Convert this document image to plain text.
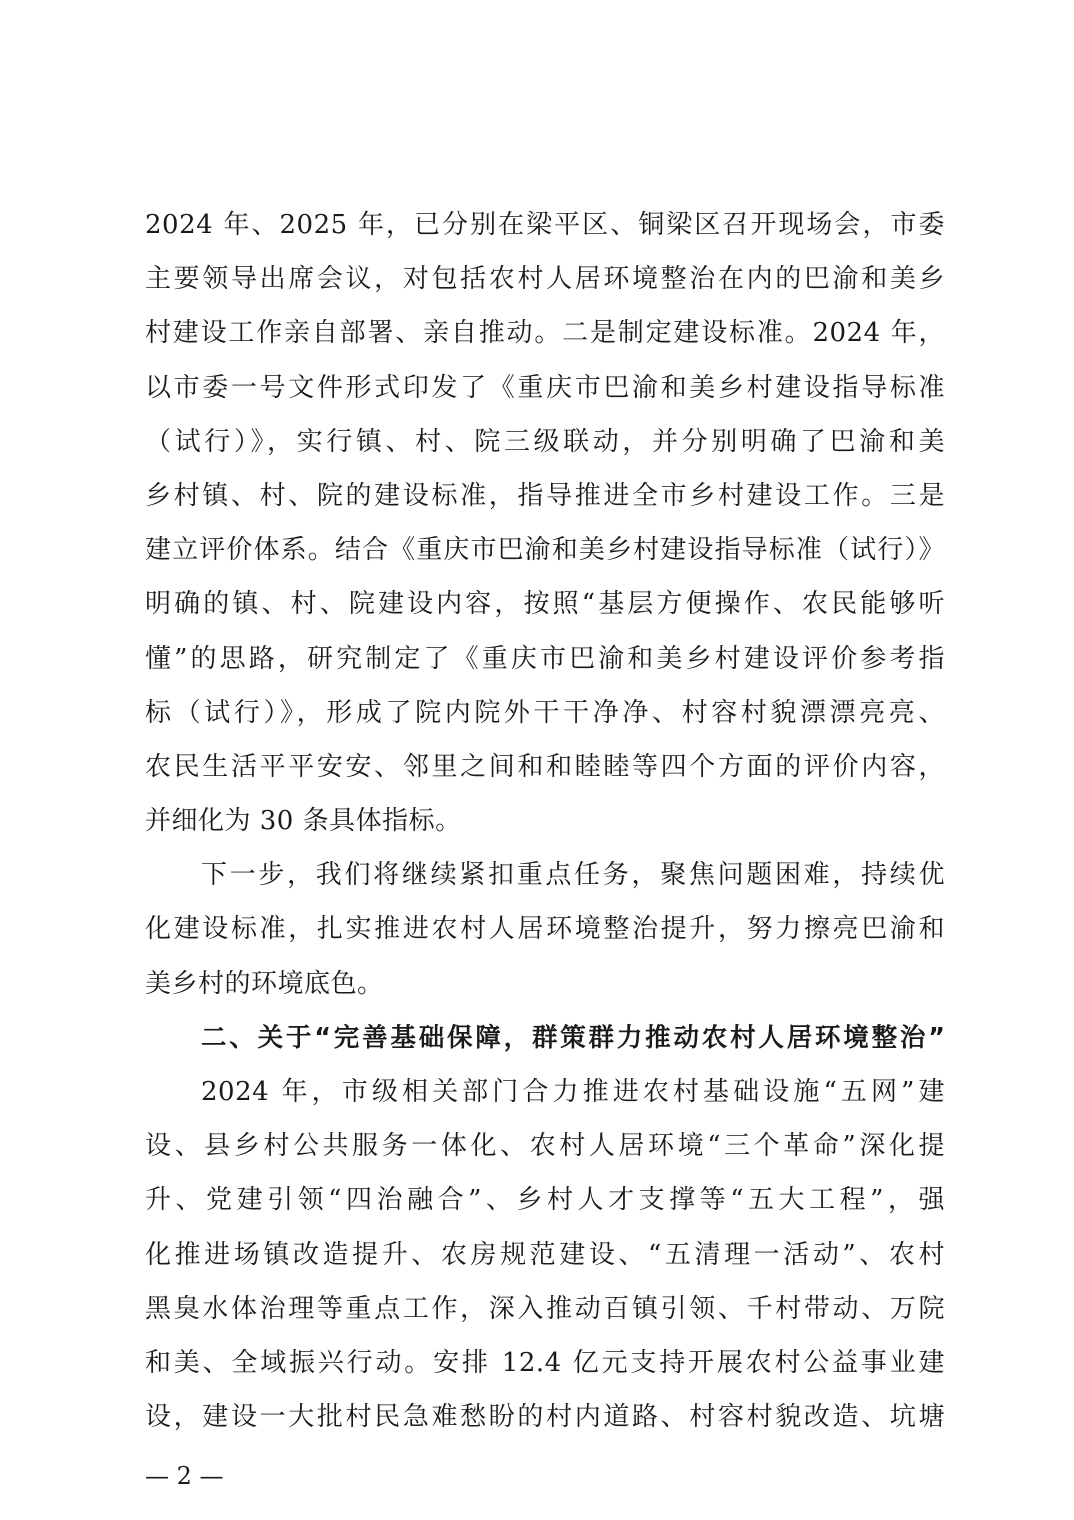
2024 年、2025 年，已分别在梁平区、铜梁区召开现场会，市委
主要领导出席会议，对包括农村人居环境整治在内的巴渝和美乡
村建设工作亲自部署、亲自推动。二是制定建设标准。2024 年，
以市委一号文件形式印发了《重庆市巴渝和美乡村建设指导标准
（试行）》，实行镇、村、院三级联动，并分别明确了巴渝和美
乡村镇、村、院的建设标准，指导推进全市乡村建设工作。三是
建立评价体系。结合《重庆市巴渝和美乡村建设指导标准（试行）》
明确的镇、村、院建设内容，按照“基层方便操作、农民能够听
懂”的思路，研究制定了《重庆市巴渝和美乡村建设评价参考指
标（试行）》，形成了院内院外干干净净、村容村貌漂漂亮亮、
农民生活平平安安、邻里之间和和睦睦等四个方面的评价内容，
并细化为 30 条具体指标。
下一步，我们将继续紧扣重点任务，聚焦问题困难，持续优
化建设标准，扎实推进农村人居环境整治提升，努力擦亮巴渝和
美乡村的环境底色。
二、关于“完善基础保障，群策群力推动农村人居环境整治”
2024 年，市级相关部门合力推进农村基础设施“五网”建
设、县乡村公共服务一体化、农村人居环境“三个革命”深化提
升、党建引领“四治融合”、乡村人才支撑等“五大工程”，强
化推进场镇改造提升、农房规范建设、“五清理一活动”、农村
黑臭水体治理等重点工作，深入推动百镇引领、千村带动、万院
和美、全域振兴行动。安排 12.4 亿元支持开展农村公益事业建
设，建设一大批村民急难愁盼的村内道路、村容村貌改造、坑塘
— 2 —
